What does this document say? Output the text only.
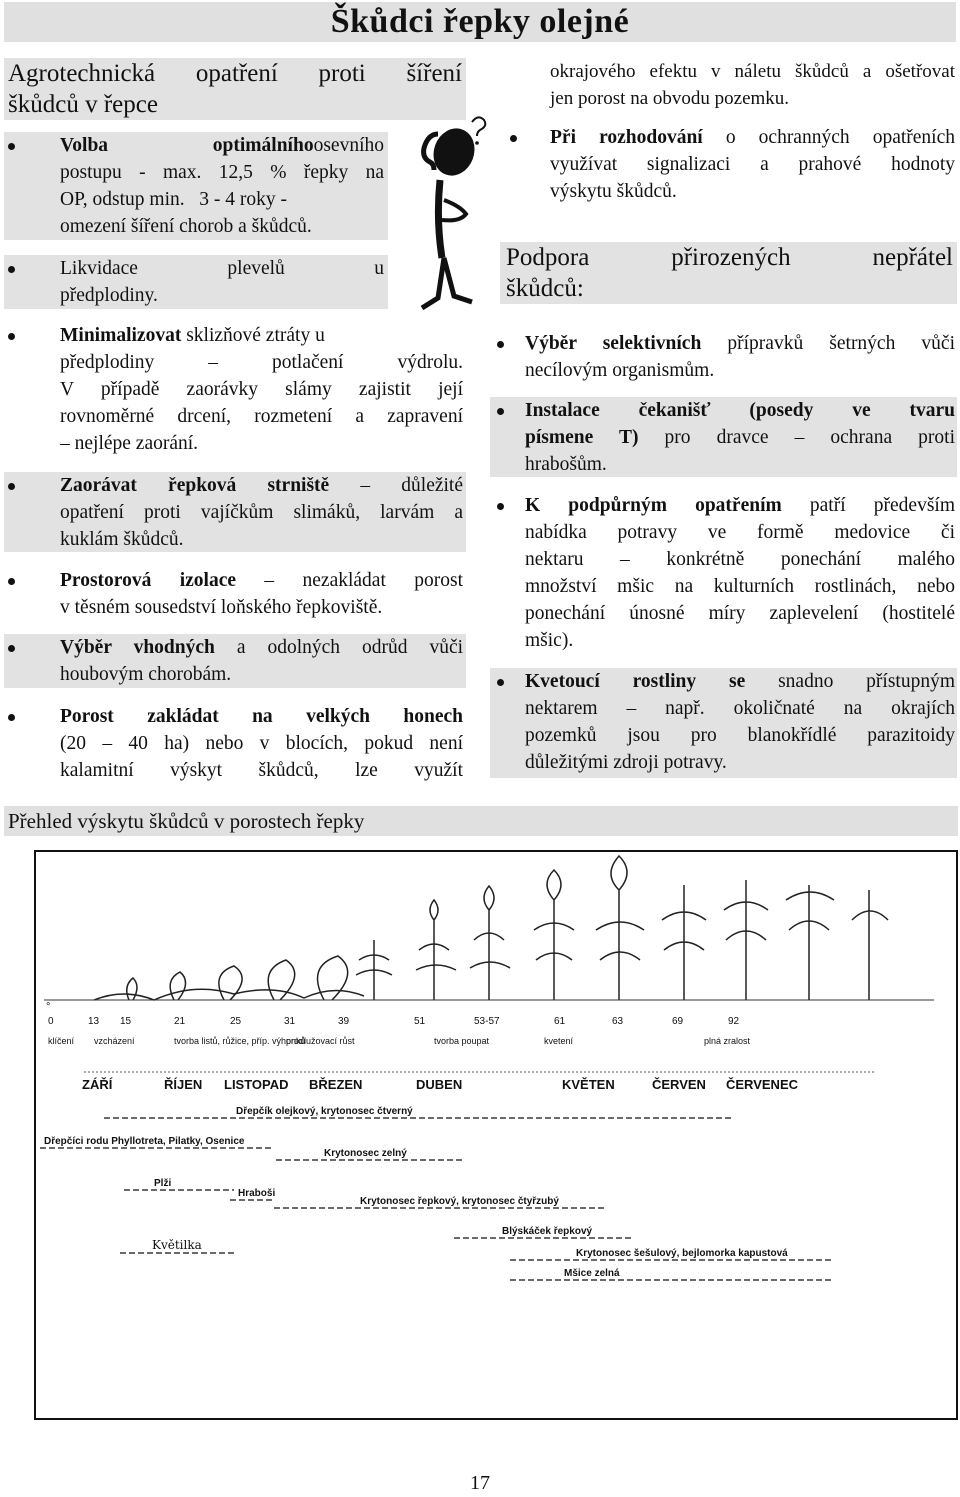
Škůdci řepky olejné
Agrotechnická opatření proti šíření
škůdců v řepce
Volba optimálního osevního
postupu - max. 12,5 % řepky na
OP, odstup min.   3 - 4 roky -
omezení šíření chorob a škůdců.
Likvidace plevelů u
předplodiny.
Minimalizovat sklizňové ztráty u
předplodiny – potlačení výdrolu.
V případě zaorávky slámy zajistit její
rovnoměrné drcení, rozmetení a zapravení
– nejlépe zaorání.
Zaorávat řepková strniště – důležité
opatření proti vajíčkům slimáků, larvám a
kuklám škůdců.
Prostorová izolace – nezakládat porost
v těsném sousedství loňského řepkoviště.
Výběr vhodných a odolných odrůd vůči
houbovým chorobám.
Porost zakládat na velkých honech
(20 – 40 ha) nebo v blocích, pokud není
kalamitní výskyt škůdců, lze využít
okrajového efektu v náletu škůdců a ošetřovat
jen porost na obvodu pozemku.
Při rozhodování o ochranných opatřeních
využívat signalizaci a prahové hodnoty
výskytu škůdců.
Podpora přirozených nepřátel
škůdců:
Výběr selektivních přípravků šetrných vůči
necílovým organismům.
Instalace čekanišť (posedy ve tvaru
písmene T) pro dravce – ochrana proti
hrabošům.
K podpůrným opatřením patří především
nabídka potravy ve formě medovice či
nektaru – konkrétně ponechání malého
množství mšic na kulturních rostlinách, nebo
ponechání únosné míry zaplevelení (hostitelé
mšic).
Kvetoucí rostliny se snadno přístupným
nektarem – např. okoličnaté na okrajích
pozemků jsou pro blanokřídlé parazitoidy
důležitými zdroji potravy.
Přehled výskytu škůdců v porostech řepky
°
0	13 15	21	25	31	39	51	53-57	61	63	69	92
klíčení vzcházení	tvorba listů, růžice, příp. výhonků
prodlužovací růst	tvorba poupat	kvetení	plná zralost
ZÁŘÍ	ŘÍJEN LISTOPAD BŘEZEN	DUBEN	KVĚTEN	ČERVEN ČERVENEC
Dřepčík olejkový, krytonosec čtverný
Dřepčíci rodu Phyllotreta, Pilatky, Osenice
Krytonosec zelný
Plži
Hraboši
Krytonosec řepkový, krytonosec čtyřzubý
Blýskáček řepkový
Květilka
Krytonosec šešulový, bejlomorka kapustová
Mšice zelná
17
